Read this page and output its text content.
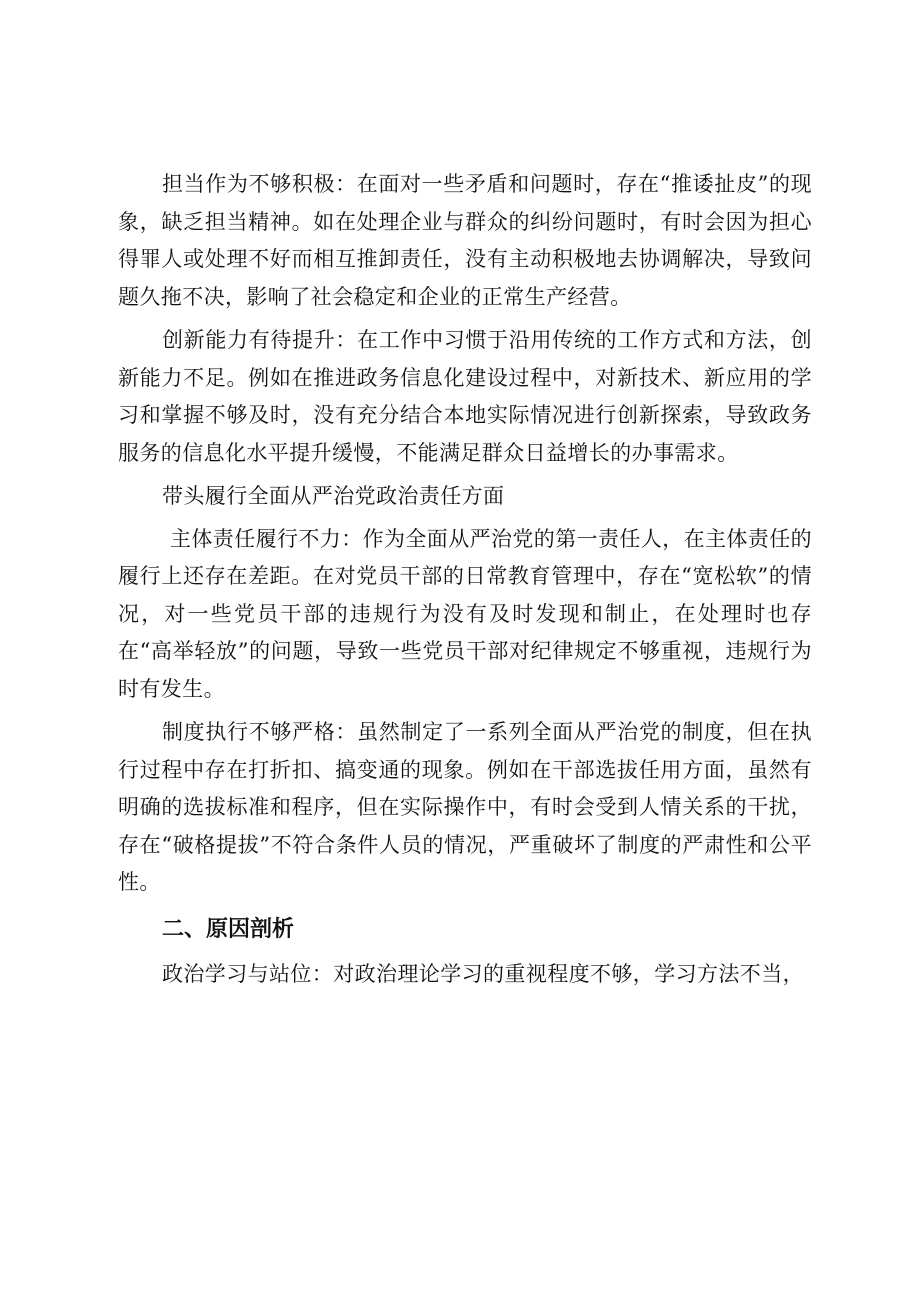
担当作为不够积极：在面对一些矛盾和问题时，存在“推诿扯皮”的现象，缺乏担当精神。如在处理企业与群众的纠纷问题时，有时会因为担心得罪人或处理不好而相互推卸责任，没有主动积极地去协调解决，导致问题久拖不决，影响了社会稳定和企业的正常生产经营。

创新能力有待提升：在工作中习惯于沿用传统的工作方式和方法，创新能力不足。例如在推进政务信息化建设过程中，对新技术、新应用的学习和掌握不够及时，没有充分结合本地实际情况进行创新探索，导致政务服务的信息化水平提升缓慢，不能满足群众日益增长的办事需求。

带头履行全面从严治党政治责任方面

主体责任履行不力：作为全面从严治党的第一责任人，在主体责任的履行上还存在差距。在对党员干部的日常教育管理中，存在“宽松软”的情况，对一些党员干部的违规行为没有及时发现和制止，在处理时也存在“高举轻放”的问题，导致一些党员干部对纪律规定不够重视，违规行为时有发生。

制度执行不够严格：虽然制定了一系列全面从严治党的制度，但在执行过程中存在打折扣、搞变通的现象。例如在干部选拔任用方面，虽然有明确的选拔标准和程序，但在实际操作中，有时会受到人情关系的干扰，存在“破格提拔”不符合条件人员的情况，严重破坏了制度的严肃性和公平性。

二、原因剖析

政治学习与站位：对政治理论学习的重视程度不够，学习方法不当，
